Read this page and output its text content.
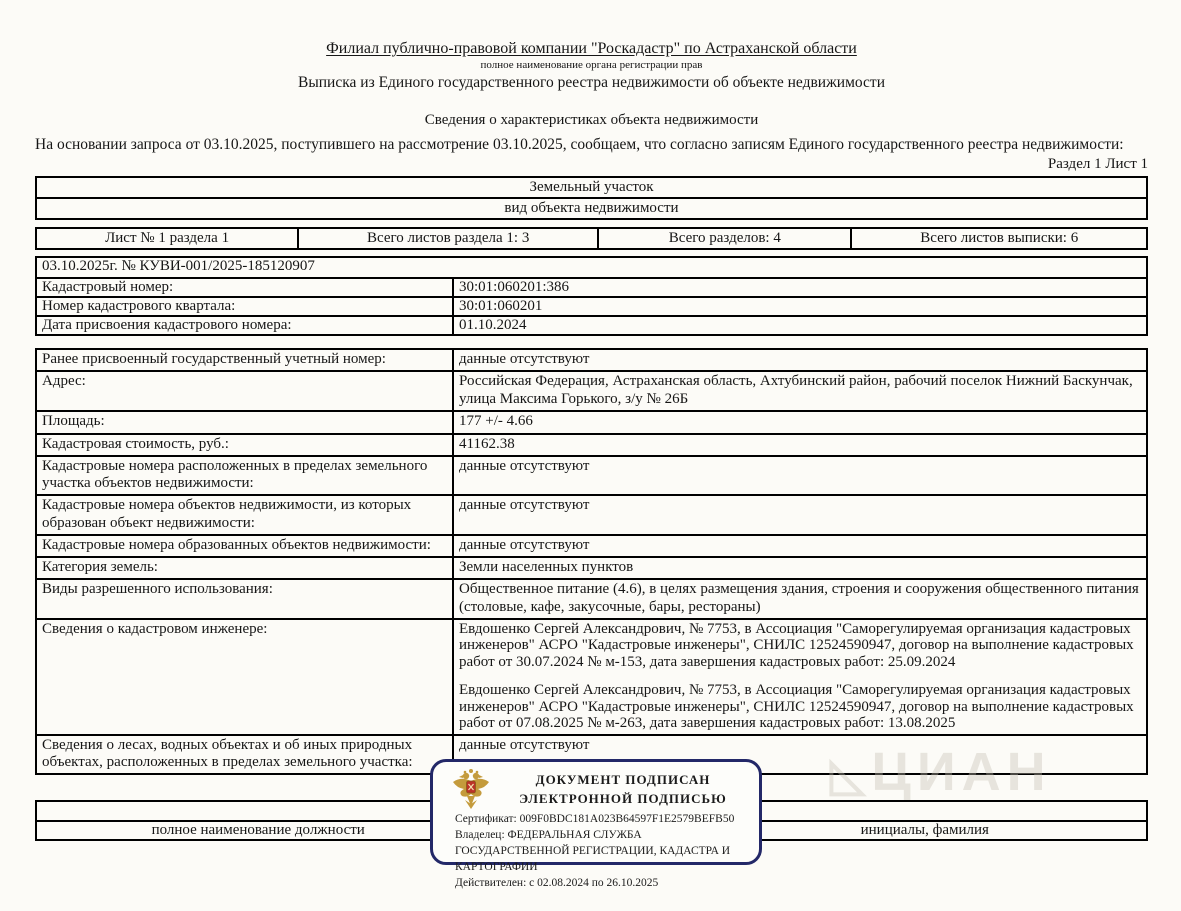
Филиал публично-правовой компании "Роскадастр" по Астраханской области
полное наименование органа регистрации прав
Выписка из Единого государственного реестра недвижимости об объекте недвижимости
Сведения о характеристиках объекта недвижимости
На основании запроса от 03.10.2025, поступившего на рассмотрение 03.10.2025, сообщаем, что согласно записям Единого государственного реестра недвижимости:
Раздел 1 Лист 1
Земельный участок
вид объекта недвижимости
Лист № 1 раздела 1	Всего листов раздела 1: 3	Всего разделов: 4	Всего листов выписки: 6
03.10.2025г. № КУВИ-001/2025-185120907	
Кадастровый номер:	30:01:060201:386
Номер кадастрового квартала:	30:01:060201
Дата присвоения кадастрового номера:	01.10.2024
Ранее присвоенный государственный учетный номер:	данные отсутствуют
Адрес:	Российская Федерация, Астраханская область, Ахтубинский район, рабочий поселок Нижний Баскунчак, улица Максима Горького, з/у № 26Б
Площадь:	177 +/- 4.66
Кадастровая стоимость, руб.:	41162.38
Кадастровые номера расположенных в пределах земельного участка объектов недвижимости:	данные отсутствуют
Кадастровые номера объектов недвижимости, из которых образован объект недвижимости:	данные отсутствуют
Кадастровые номера образованных объектов недвижимости:	данные отсутствуют
Категория земель:	Земли населенных пунктов
Виды разрешенного использования:	Общественное питание (4.6), в целях размещения здания, строения и сооружения общественного питания (столовые, кафе, закусочные, бары, рестораны)
Сведения о кадастровом инженере:	Евдошенко Сергей Александрович, № 7753, в Ассоциация "Саморегулируемая организация кадастровых инженеров" АСРО "Кадастровые инженеры", СНИЛС 12524590947, договор на выполнение кадастровых работ от 30.07.2024 № м-153, дата завершения кадастровых работ: 25.09.2024
Евдошенко Сергей Александрович, № 7753, в Ассоциация "Саморегулируемая организация кадастровых инженеров" АСРО "Кадастровые инженеры", СНИЛС 12524590947, договор на выполнение кадастровых работ от 07.08.2025 № м-263, дата завершения кадастровых работ: 13.08.2025

Сведения о лесах, водных объектах и об иных природных объектах, расположенных в пределах земельного участка:	данные отсутствуют
◺ ЦИАН

полное наименование должности		инициалы, фамилия
ДОКУМЕНТ ПОДПИСАН
ЭЛЕКТРОННОЙ ПОДПИСЬЮ
Сертификат: 009F0BDC181A023B64597F1E2579BEFB50
Владелец: ФЕДЕРАЛЬНАЯ СЛУЖБА ГОСУДАРСТВЕННОЙ РЕГИСТРАЦИИ, КАДАСТРА И КАРТОГРАФИИ
Действителен: с 02.08.2024 по 26.10.2025
